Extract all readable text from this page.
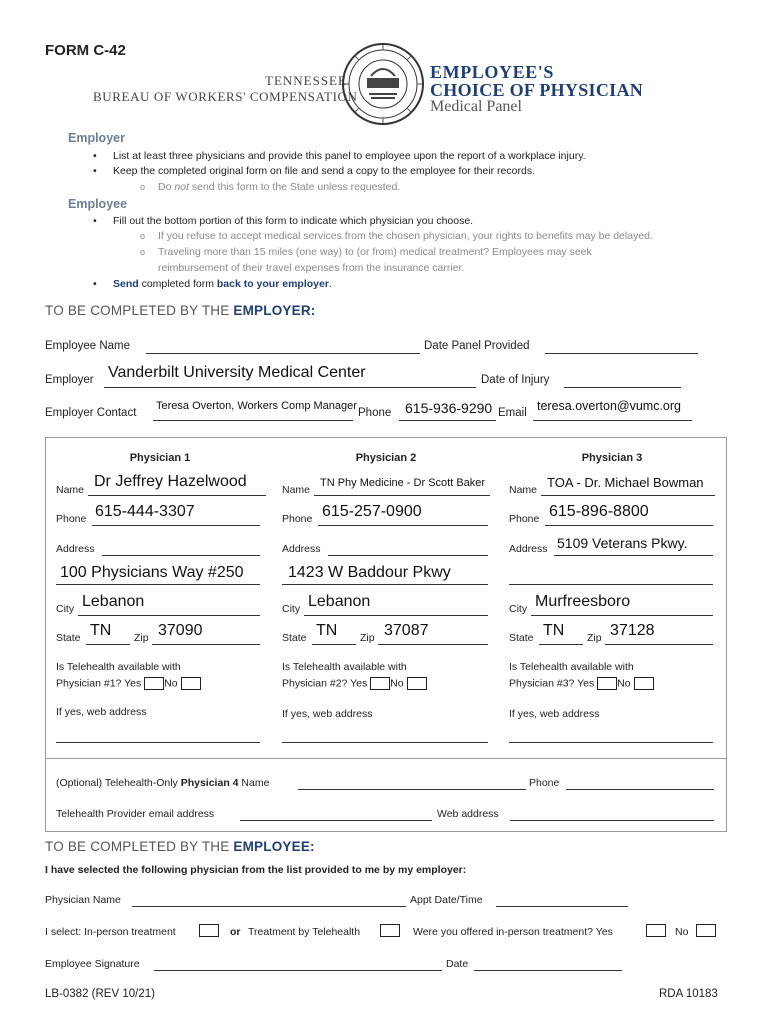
FORM C-42
TENNESSEE
BUREAU OF WORKERS' COMPENSATION
EMPLOYEE'S
CHOICE OF PHYSICIAN
Medical Panel
Employer
• List at least three physicians and provide this panel to employee upon the report of a workplace injury.
• Keep the completed original form on file and send a copy to the employee for their records.
o Do not send this form to the State unless requested.
Employee
• Fill out the bottom portion of this form to indicate which physician you choose.
o If you refuse to accept medical services from the chosen physician, your rights to benefits may be delayed.
o Traveling more than 15 miles (one way) to (or from) medical treatment? Employees may seek
reimbursement of their travel expenses from the insurance carrier.
• Send completed form back to your employer.
TO BE COMPLETED BY THE EMPLOYER:
Employee Name	Date Panel Provided
Employer Vanderbilt University Medical Center	Date of Injury
Employer Contact
Teresa Overton, Workers Comp Manager
Phone 615-936-9290 Email teresa.overton@vumc.org
Physician 1
Name Dr Jeffrey Hazelwood
Phone 615-444-3307
Address
100 Physicians Way #250
City Lebanon
State TN Zip 37090
Is Telehealth available with
Physician #1? Yes No
If yes, web address
Physician 2
Name
TN Phy Medicine - Dr Scott Baker
Phone 615-257-0900
Address
1423 W Baddour Pkwy
City Lebanon
State TN Zip 37087
Is Telehealth available with
Physician #2? Yes No
If yes, web address
Physician 3
Name TOA - Dr. Michael Bowman
Phone 615-896-8800
Address 5109 Veterans Pkwy.
City Murfreesboro
State TN Zip 37128
Is Telehealth available with
Physician #3? Yes No
If yes, web address
(Optional) Telehealth-Only Physician 4 Name	Phone
Telehealth Provider email address	Web address
TO BE COMPLETED BY THE EMPLOYEE:
I have selected the following physician from the list provided to me by my employer:
Physician Name	Appt Date/Time
I select: In-person treatment	or Treatment by Telehealth	Were you offered in-person treatment? Yes	No
Employee Signature	Date
LB-0382 (REV 10/21)	RDA 10183
